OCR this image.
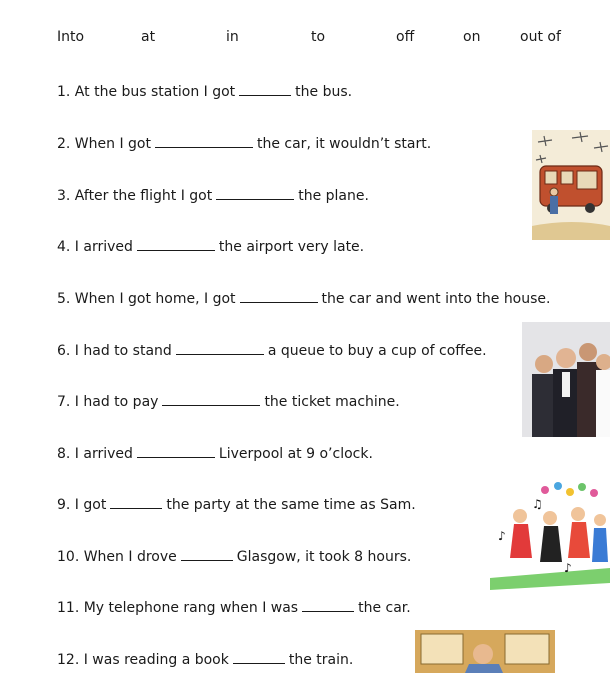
Into	at	in	to	off	on	out of
1. At the bus station I got	the bus.
2. When I got	the car, it wouldn’t start.
3. After the flight I got	the plane.
4. I arrived	the airport very late.
5. When I got home, I got	the car and went into the house.
6. I had to stand	a queue to buy a cup of coffee.
7. I had to pay	the ticket machine.
8. I arrived	Liverpool at 9 o’clock.
9. I got	the party at the same time as Sam.
10. When I drove	Glasgow, it took 8 hours.
11. My telephone rang when I was	the car.
12. I was reading a book	the train.
♪
♫
♪
